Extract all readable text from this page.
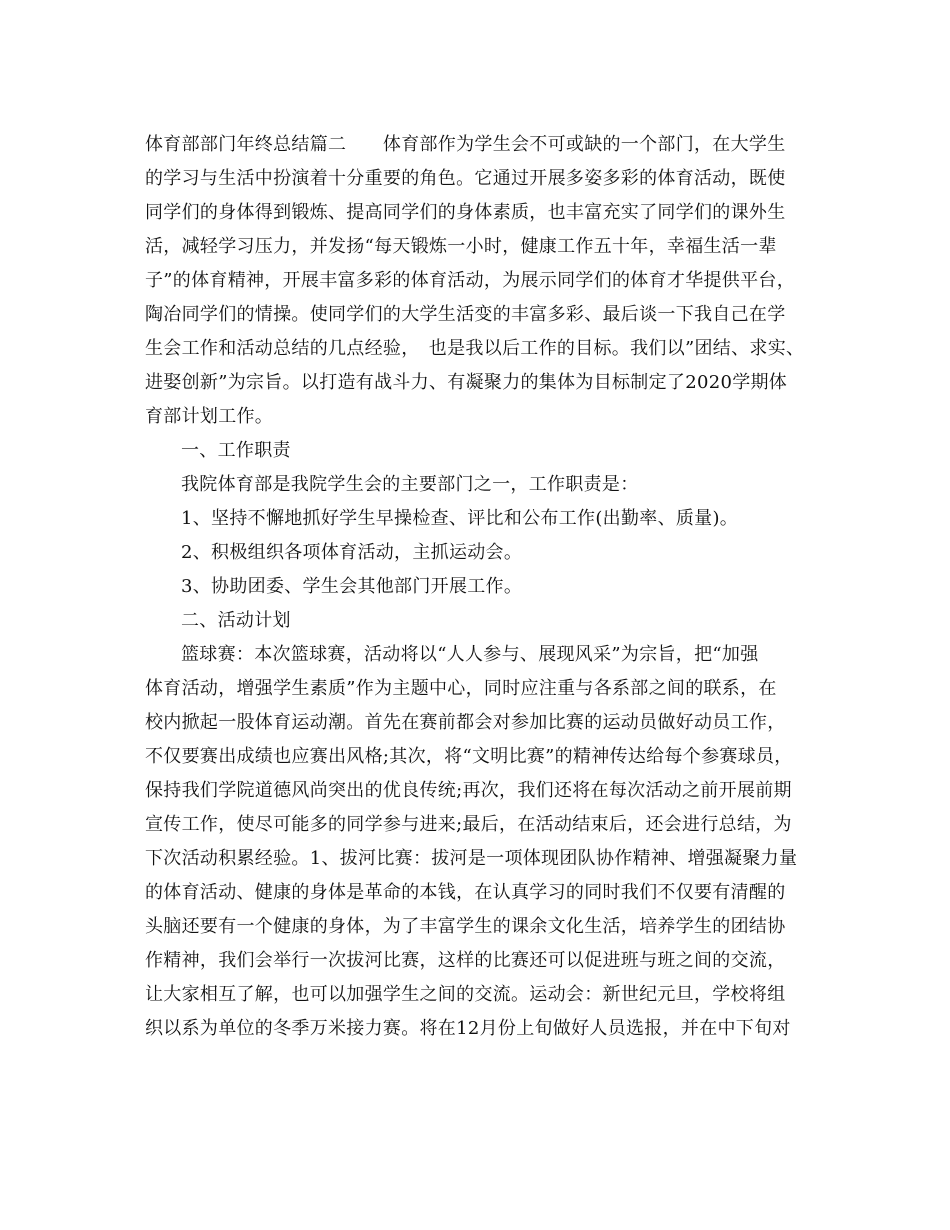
体育部部门年终总结篇二　　体育部作为学生会不可或缺的一个部门，在大学生
的学习与生活中扮演着十分重要的角色。它通过开展多姿多彩的体育活动，既使
同学们的身体得到锻炼、提高同学们的身体素质，也丰富充实了同学们的课外生
活，减轻学习压力，并发扬“每天锻炼一小时，健康工作五十年，幸福生活一辈
子”的体育精神，开展丰富多彩的体育活动，为展示同学们的体育才华提供平台，
陶冶同学们的情操。使同学们的大学生活变的丰富多彩、最后谈一下我自己在学
生会工作和活动总结的几点经验，　也是我以后工作的目标。我们以”团结、求实、
进娶创新”为宗旨。以打造有战斗力、有凝聚力的集体为目标制定了2020学期体
育部计划工作。
一、工作职责
我院体育部是我院学生会的主要部门之一，工作职责是：
1、坚持不懈地抓好学生早操检查、评比和公布工作(出勤率、质量)。
2、积极组织各项体育活动，主抓运动会。
3、协助团委、学生会其他部门开展工作。
二、活动计划
篮球赛：本次篮球赛，活动将以“人人参与、展现风采”为宗旨，把“加强
体育活动，增强学生素质”作为主题中心，同时应注重与各系部之间的联系，在
校内掀起一股体育运动潮。首先在赛前都会对参加比赛的运动员做好动员工作，
不仅要赛出成绩也应赛出风格;其次，将“文明比赛”的精神传达给每个参赛球员，
保持我们学院道德风尚突出的优良传统;再次，我们还将在每次活动之前开展前期
宣传工作，使尽可能多的同学参与进来;最后，在活动结束后，还会进行总结，为
下次活动积累经验。1、拔河比赛：拔河是一项体现团队协作精神、增强凝聚力量
的体育活动、健康的身体是革命的本钱，在认真学习的同时我们不仅要有清醒的
头脑还要有一个健康的身体，为了丰富学生的课余文化生活，培养学生的团结协
作精神，我们会举行一次拔河比赛，这样的比赛还可以促进班与班之间的交流，
让大家相互了解，也可以加强学生之间的交流。运动会：新世纪元旦，学校将组
织以系为单位的冬季万米接力赛。将在12月份上旬做好人员选报，并在中下旬对
